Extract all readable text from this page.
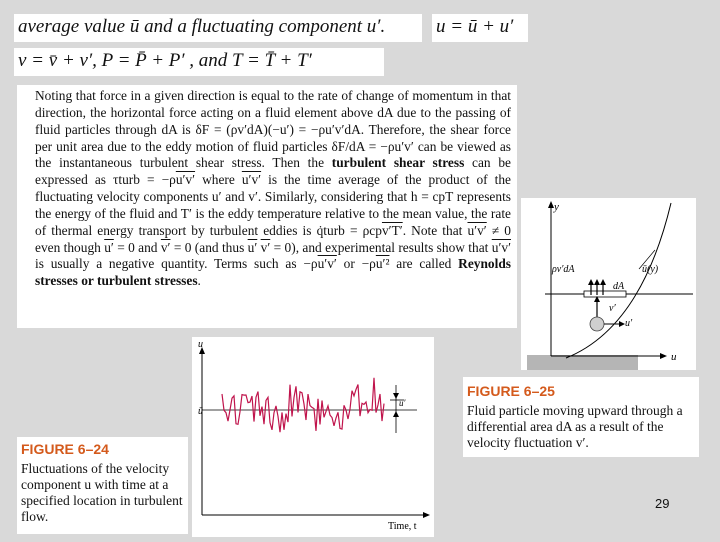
average value ū and a fluctuating component u′.	u = ū + u′
v = v̄ + v′, P = P̄ + P′ , and T = T̄ + T′

Noting that force in a given direction is equal to the rate of change of momentum in that direction, the horizontal force acting on a fluid element above dA due to the passing of fluid particles through dA is δF = (ρv′dA)(−u′) = −ρu′v′dA. Therefore, the shear force per unit area due to the eddy motion of fluid particles δF/dA = −ρu′v′ can be viewed as the instantaneous turbulent shear stress. Then the turbulent shear stress can be expressed as τturb = −ρu′v′ where u′v′ is the time average of the product of the fluctuating velocity components u′ and v′. Similarly, considering that h = cpT represents the energy of the fluid and T′ is the eddy temperature relative to the mean value, the rate of thermal energy transport by turbulent eddies is q̇turb = ρcpv′T′. Note that u′v′ ≠ 0 even though u′ = 0 and v′ = 0 (and thus u′ v′ = 0), and experimental results show that u′v′ is usually a negative quantity. Terms such as −ρu′v′ or −ρu′² are called Reynolds stresses or turbulent stresses.

y
u
ū(y)
dA
ρv′dA
v′
u′
FIGURE 6–25
Fluid particle moving upward through a differential area dA as a result of the velocity fluctuation v′.
u
Time, t
ū
u′
FIGURE 6–24
Fluctuations of the velocity component u with time at a specified location in turbulent flow.
29
